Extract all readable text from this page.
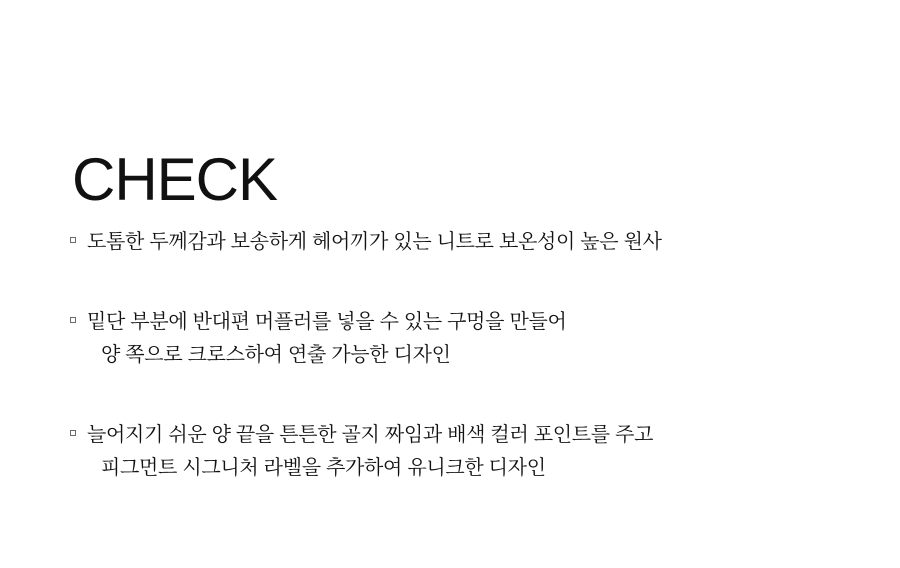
CHECK
도톰한 두께감과 보송하게 헤어끼가 있는 니트로 보온성이 높은 원사
밑단 부분에 반대편 머플러를 넣을 수 있는 구멍을 만들어
양 쪽으로 크로스하여 연출 가능한 디자인
늘어지기 쉬운 양 끝을 튼튼한 골지 짜임과 배색 컬러 포인트를 주고
피그먼트 시그니처 라벨을 추가하여 유니크한 디자인
